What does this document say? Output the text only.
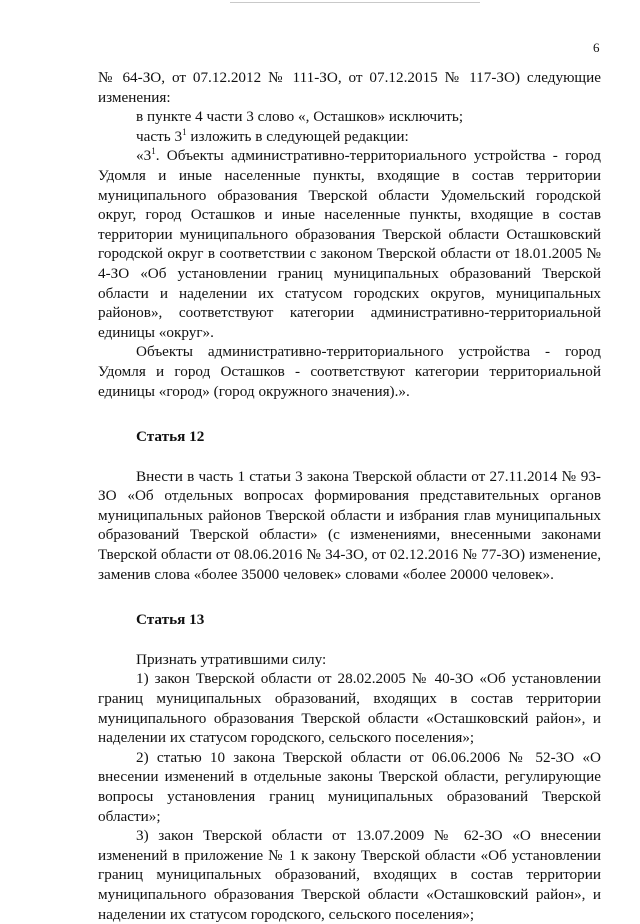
6

№ 64-ЗО, от 07.12.2012 № 111-ЗО, от 07.12.2015 № 117-ЗО) следующие изменения:

в пункте 4 части 3 слово «, Осташков» исключить;

часть $3^1$ изложить в следующей редакции:

«$3^1$. Объекты административно-территориального устройства - город Удомля и иные населенные пункты, входящие в состав территории муниципального образования Тверской области Удомельский городской округ, город Осташков и иные населенные пункты, входящие в состав территории муниципального образования Тверской области Осташковский городской округ в соответствии с законом Тверской области от 18.01.2005 № 4-ЗО «Об установлении границ муниципальных образований Тверской области и наделении их статусом городских округов, муниципальных районов», соответствуют категории административно-территориальной единицы «округ».

Объекты административно-территориального устройства - город Удомля и город Осташков - соответствуют категории территориальной единицы «город» (город окружного значения).».

Статья 12

Внести в часть 1 статьи 3 закона Тверской области от 27.11.2014 № 93-ЗО «Об отдельных вопросах формирования представительных органов муниципальных районов Тверской области и избрания глав муниципальных образований Тверской области» (с изменениями, внесенными законами Тверской области от 08.06.2016 № 34-ЗО, от 02.12.2016 № 77-ЗО) изменение, заменив слова «более 35000 человек» словами «более 20000 человек».

Статья 13

Признать утратившими силу:

1) закон Тверской области от 28.02.2005 № 40-ЗО «Об установлении границ муниципальных образований, входящих в состав территории муниципального образования Тверской области «Осташковский район», и наделении их статусом городского, сельского поселения»;

2) статью 10 закона Тверской области от 06.06.2006 № 52-ЗО «О внесении изменений в отдельные законы Тверской области, регулирующие вопросы установления границ муниципальных образований Тверской области»;

3) закон Тверской области от 13.07.2009 № 62-ЗО «О внесении изменений в приложение № 1 к закону Тверской области «Об установлении границ муниципальных образований, входящих в состав территории муниципального образования Тверской области «Осташковский район», и наделении их статусом городского, сельского поселения»;
